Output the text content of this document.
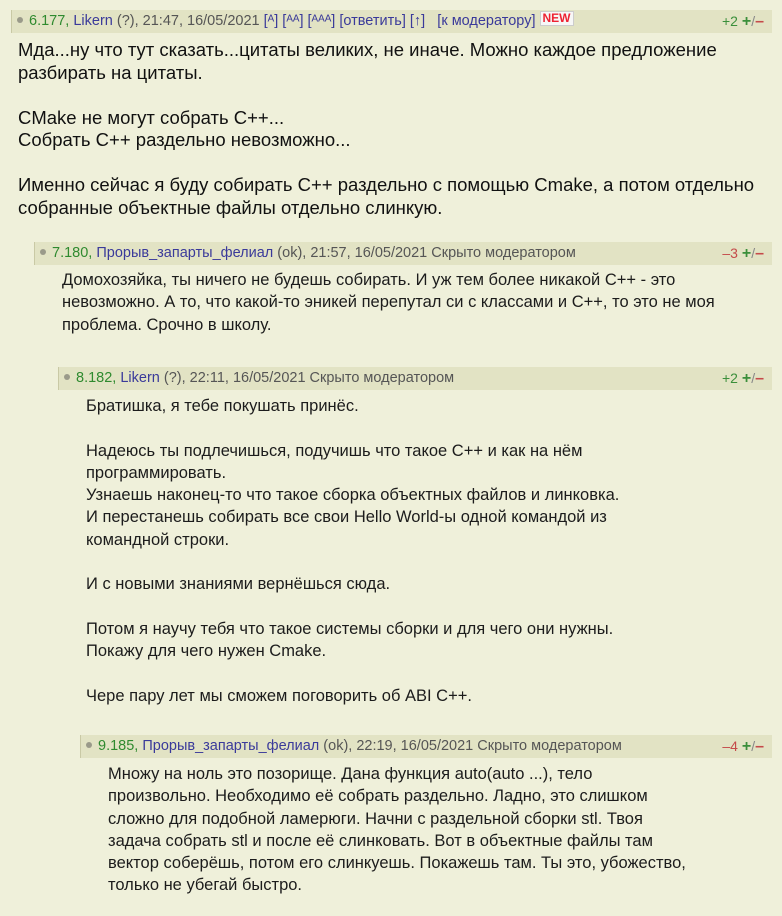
6.177, Likern (?), 21:47, 16/05/2021 [ᴬ] [ᴬᴬ] [ᴬᴬᴬ] [ответить] [↑] [к модератору] NEW	+2 +/–
Мда...ну что тут сказать...цитаты великих, не иначе. Можно каждое предложение разбирать на цитаты.

CMake не могут собрать C++...
Собрать C++ раздельно невозможно...

Именно сейчас я буду собирать C++ раздельно с помощью Cmake, а потом отдельно собранные объектные файлы отдельно слинкую.
7.180, Прорыв_запарты_фелиал (ok), 21:57, 16/05/2021 Скрыто модератором	–3 +/–
Домохозяйка, ты ничего не будешь собирать. И уж тем более никакой C++ - это невозможно. А то, что какой-то эникей перепутал си с классами и C++, то это не моя проблема. Срочно в школу.
8.182, Likern (?), 22:11, 16/05/2021 Скрыто модератором	+2 +/–
Братишка, я тебе покушать принёс.

Надеюсь ты подлечишься, подучишь что такое C++ и как на нём программировать.
Узнаешь наконец-то что такое сборка объектных файлов и линковка.
И перестанешь собирать все свои Hello World-ы одной командой из командной строки.

И с новыми знаниями вернёшься сюда.

Потом я научу тебя что такое системы сборки и для чего они нужны.
Покажу для чего нужен Cmake.

Чере пару лет мы сможем поговорить об ABI C++.
9.185, Прорыв_запарты_фелиал (ok), 22:19, 16/05/2021 Скрыто модератором	–4 +/–
Множу на ноль это позорище. Дана функция auto(auto ...), тело произвольно. Необходимо её собрать раздельно. Ладно, это слишком сложно для подобной ламерюги. Начни с раздельной сборки stl. Твоя задача собрать stl и после её слинковать. Вот в объектные файлы там вектор соберёшь, потом его слинкуешь. Покажешь там. Ты это, убожество, только не убегай быстро.
